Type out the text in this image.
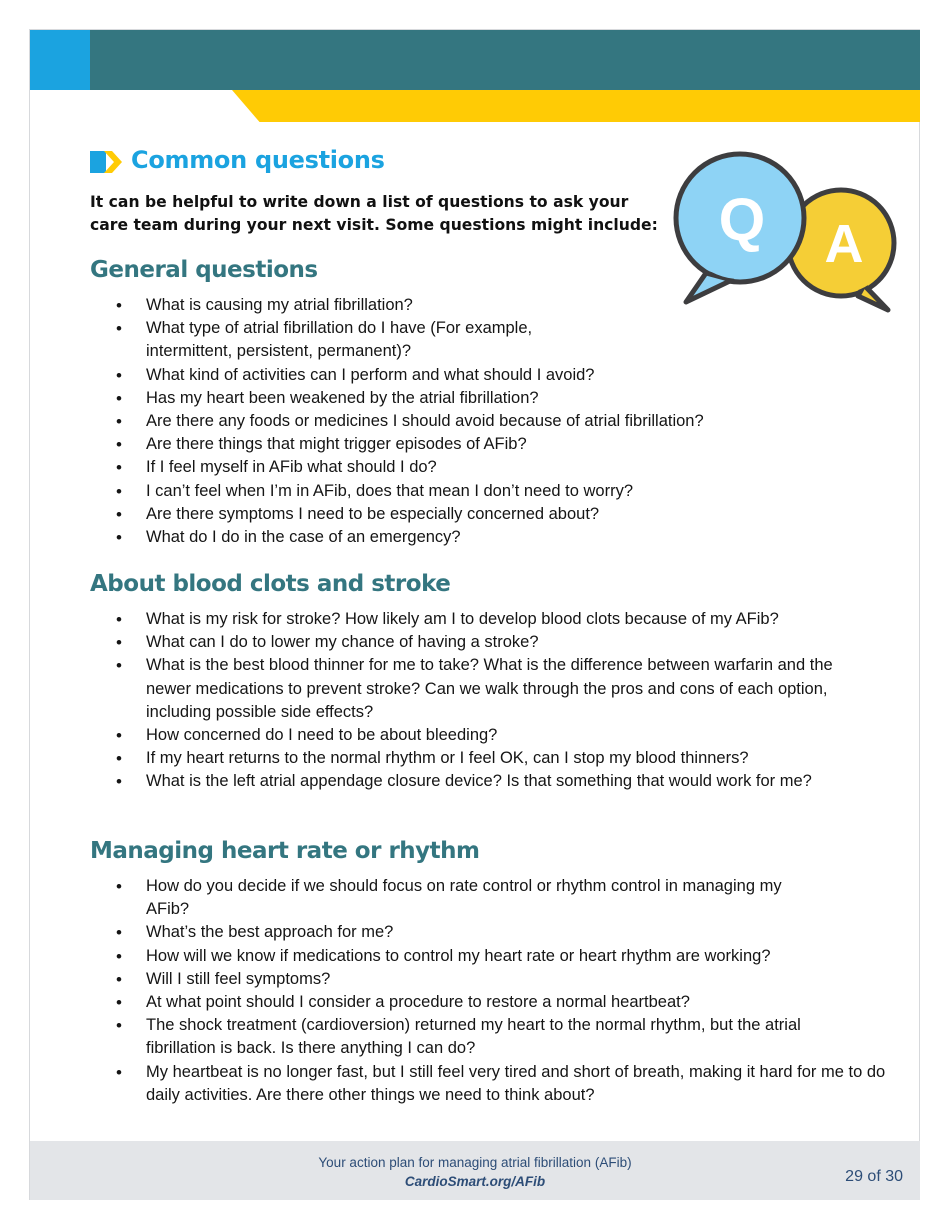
Common questions
It can be helpful to write down a list of questions to ask your care team during your next visit. Some questions might include:	A
Q
General questions
• What is causing my atrial fibrillation?
• What type of atrial fibrillation do I have (For example, intermittent, persistent, permanent)?
• What kind of activities can I perform and what should I avoid?
• Has my heart been weakened by the atrial fibrillation?
• Are there any foods or medicines I should avoid because of atrial fibrillation?
• Are there things that might trigger episodes of AFib?
• If I feel myself in AFib what should I do?
• I can’t feel when I’m in AFib, does that mean I don’t need to worry?
• Are there symptoms I need to be especially concerned about?
• What do I do in the case of an emergency?
About blood clots and stroke
• What is my risk for stroke? How likely am I to develop blood clots because of my AFib?
• What can I do to lower my chance of having a stroke?
• What is the best blood thinner for me to take? What is the difference between warfarin and the newer medications to prevent stroke? Can we walk through the pros and cons of each option, including possible side effects?
• How concerned do I need to be about bleeding?
• If my heart returns to the normal rhythm or I feel OK, can I stop my blood thinners?
• What is the left atrial appendage closure device? Is that something that would work for me?
Managing heart rate or rhythm
• How do you decide if we should focus on rate control or rhythm control in managing my AFib?
• What’s the best approach for me?
• How will we know if medications to control my heart rate or heart rhythm are working?
• Will I still feel symptoms?
• At what point should I consider a procedure to restore a normal heartbeat?
• The shock treatment (cardioversion) returned my heart to the normal rhythm, but the atrial fibrillation is back. Is there anything I can do?
• My heartbeat is no longer fast, but I still feel very tired and short of breath, making it hard for me to do daily activities. Are there other things we need to think about?
Your action plan for managing atrial fibrillation (AFib)
CardioSmart.org/AFib	29 of 30
